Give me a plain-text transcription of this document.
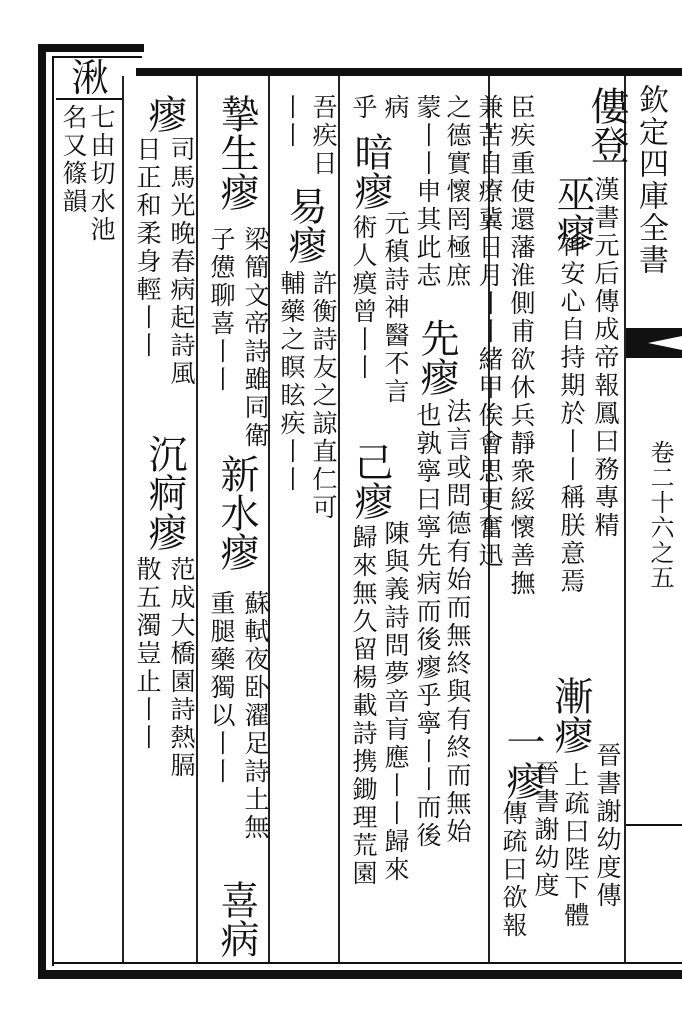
欽定四庫全書
卷二十六之五
湫
七由切水池
名又篠韻	僂登
巫瘳
漢書元后傳成帝報鳳曰務專精
神安心自持期於丨丨稱朕意焉
漸瘳
晉書謝幼度傳
上疏曰陛下體
臣疾重使還藩淮側甫欲休兵靜衆綏懷善撫
兼苦自療冀日月丨丨緒甲俟會思更奮迅
一瘳
晉書謝幼度
傳疏曰欲報
之德實懷罔極庶
法言或問德有始而無終與有終而無始
蒙丨丨申其此志
先瘳
也孰寧曰寧先病而後瘳乎寧丨丨而後
病
暗瘳
元稹詩神醫不言
己瘳
陳與義詩問夢音肓應丨丨歸來
乎
術人瘼曾丨丨
歸來無久留楊載詩携鋤理荒園
吾疾日
丨丨
易瘳
許衡詩友之諒直仁可
輔藥之瞑眩疾丨丨
摯生瘳
梁簡文帝詩雖同衛
子憊聊喜丨丨
新水瘳
蘇軾夜卧濯足詩土無
重腿藥獨以丨丨
喜病
瘳
司馬光晚春病起詩風
日正和柔身輕丨丨
沉痾瘳
范成大橋園詩熱膈
散五濁豈止丨丨
